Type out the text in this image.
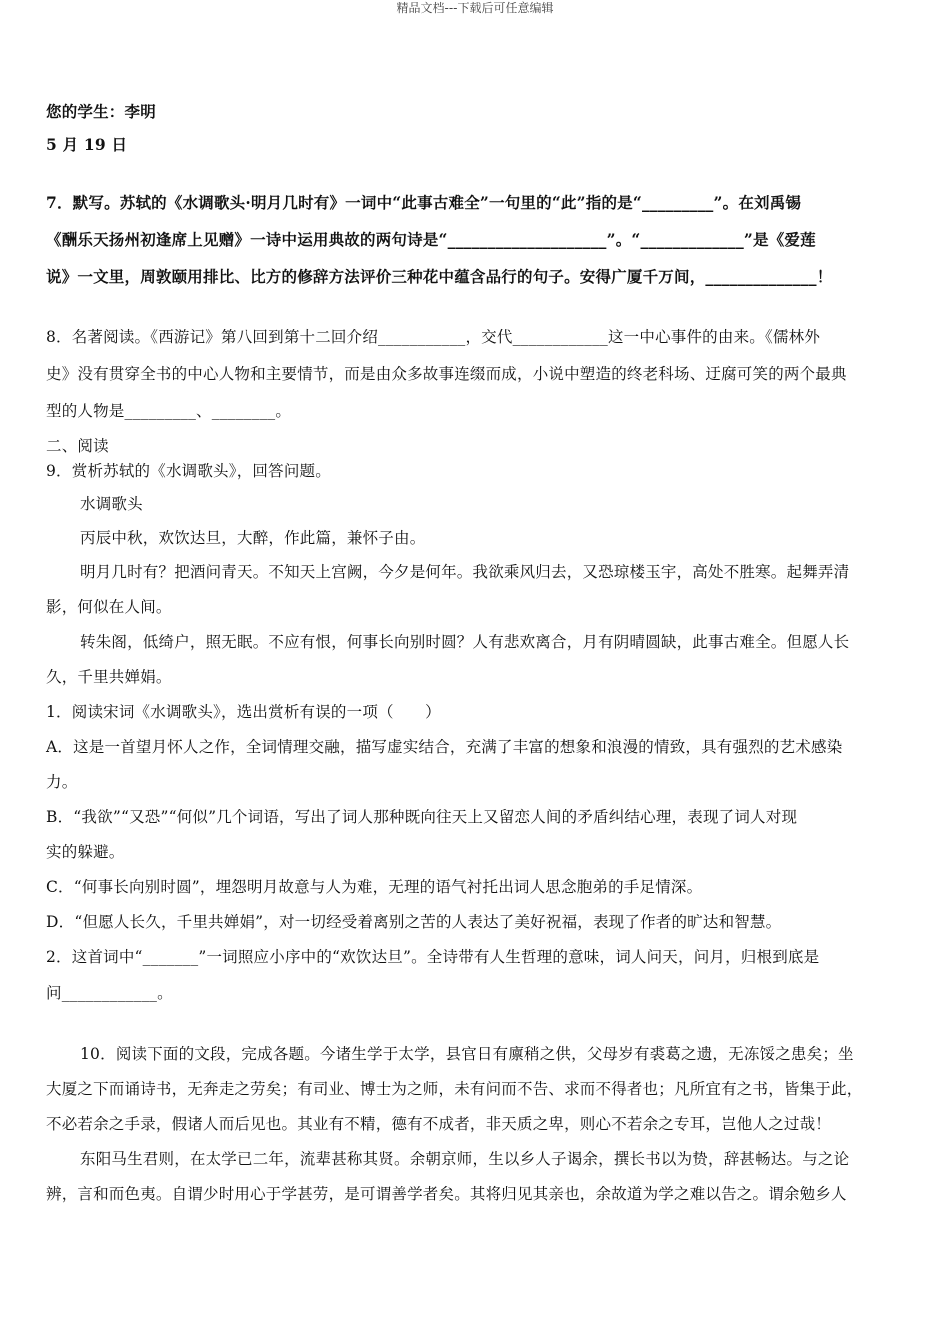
精品文档---下载后可任意编辑
您的学生：李明
5 月 19 日
7．默写。苏轼的《水调歌头·明月几时有》一词中“此事古难全”一句里的“此”指的是“_________”。在刘禹锡
《酬乐天扬州初逢席上见赠》一诗中运用典故的两句诗是“____________________”。“_____________”是《爱莲
说》一文里，周敦颐用排比、比方的修辞方法评价三种花中蕴含品行的句子。安得广厦千万间，______________！
8．名著阅读。《西游记》第八回到第十二回介绍___________，交代____________这一中心事件的由来。《儒林外
史》没有贯穿全书的中心人物和主要情节，而是由众多故事连缀而成，小说中塑造的终老科场、迂腐可笑的两个最典
型的人物是_________、________。
二、阅读
9．赏析苏轼的《水调歌头》，回答问题。
水调歌头
丙辰中秋，欢饮达旦，大醉，作此篇，兼怀子由。
明月几时有？把酒问青天。不知天上宫阙，今夕是何年。我欲乘风归去，又恐琼楼玉宇，高处不胜寒。起舞弄清
影，何似在人间。
转朱阁，低绮户，照无眠。不应有恨，何事长向别时圆？人有悲欢离合，月有阴晴圆缺，此事古难全。但愿人长
久，千里共婵娟。
1．阅读宋词《水调歌头》，选出赏析有误的一项（　　）
A．这是一首望月怀人之作，全词情理交融，描写虚实结合，充满了丰富的想象和浪漫的情致，具有强烈的艺术感染
力。
B．“我欲”“又恐”“何似”几个词语，写出了词人那种既向往天上又留恋人间的矛盾纠结心理，表现了词人对现
实的躲避。
C．“何事长向别时圆”，埋怨明月故意与人为难，无理的语气衬托出词人思念胞弟的手足情深。
D．“但愿人长久，千里共婵娟”，对一切经受着离别之苦的人表达了美好祝福，表现了作者的旷达和智慧。
2．这首词中“_______”一词照应小序中的“欢饮达旦”。全诗带有人生哲理的意味，词人问天，问月，归根到底是
问____________。
10．阅读下面的文段，完成各题。今诸生学于太学，县官日有廪稍之供，父母岁有裘葛之遗，无冻馁之患矣；坐
大厦之下而诵诗书，无奔走之劳矣；有司业、博士为之师，未有问而不告、求而不得者也；凡所宜有之书，皆集于此，
不必若余之手录，假诸人而后见也。其业有不精，德有不成者，非天质之卑，则心不若余之专耳，岂他人之过哉！
东阳马生君则，在太学已二年，流辈甚称其贤。余朝京师，生以乡人子谒余，撰长书以为贽，辞甚畅达。与之论
辨，言和而色夷。自谓少时用心于学甚劳，是可谓善学者矣。其将归见其亲也，余故道为学之难以告之。谓余勉乡人
